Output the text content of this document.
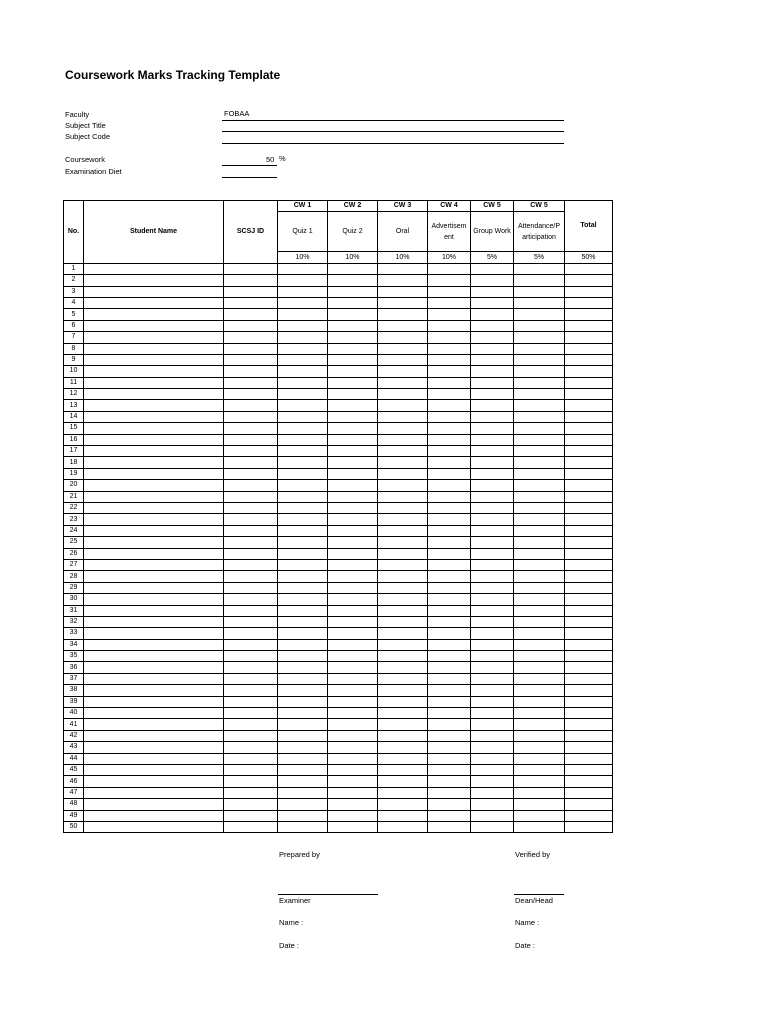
Coursework Marks Tracking Template
Faculty	FOBAA
Subject Title
Subject Code
Coursework	50 %
Examination Diet
No.	Student Name	SCSJ ID	CW 1	CW 2	CW 3	CW 4	CW 5	CW 5	Total
			Quiz 1	Quiz 2	Oral	Advertisem ent	Group Work	Attendance/P articipation	
			10%	10%	10%	10%	5%	5%	50%
1									
2									
3									
4									
5									
6									
7									
8									
9									
10									
11									
12									
13									
14									
15									
16									
17									
18									
19									
20									
21									
22									
23									
24									
25									
26									
27									
28									
29									
30									
31									
32									
33									
34									
35									
36									
37									
38									
39									
40									
41									
42									
43									
44									
45									
46									
47									
48									
49									
50									
Prepared by	Verified by
Examiner	Dean/Head
Name :	Name :
Date :	Date :
